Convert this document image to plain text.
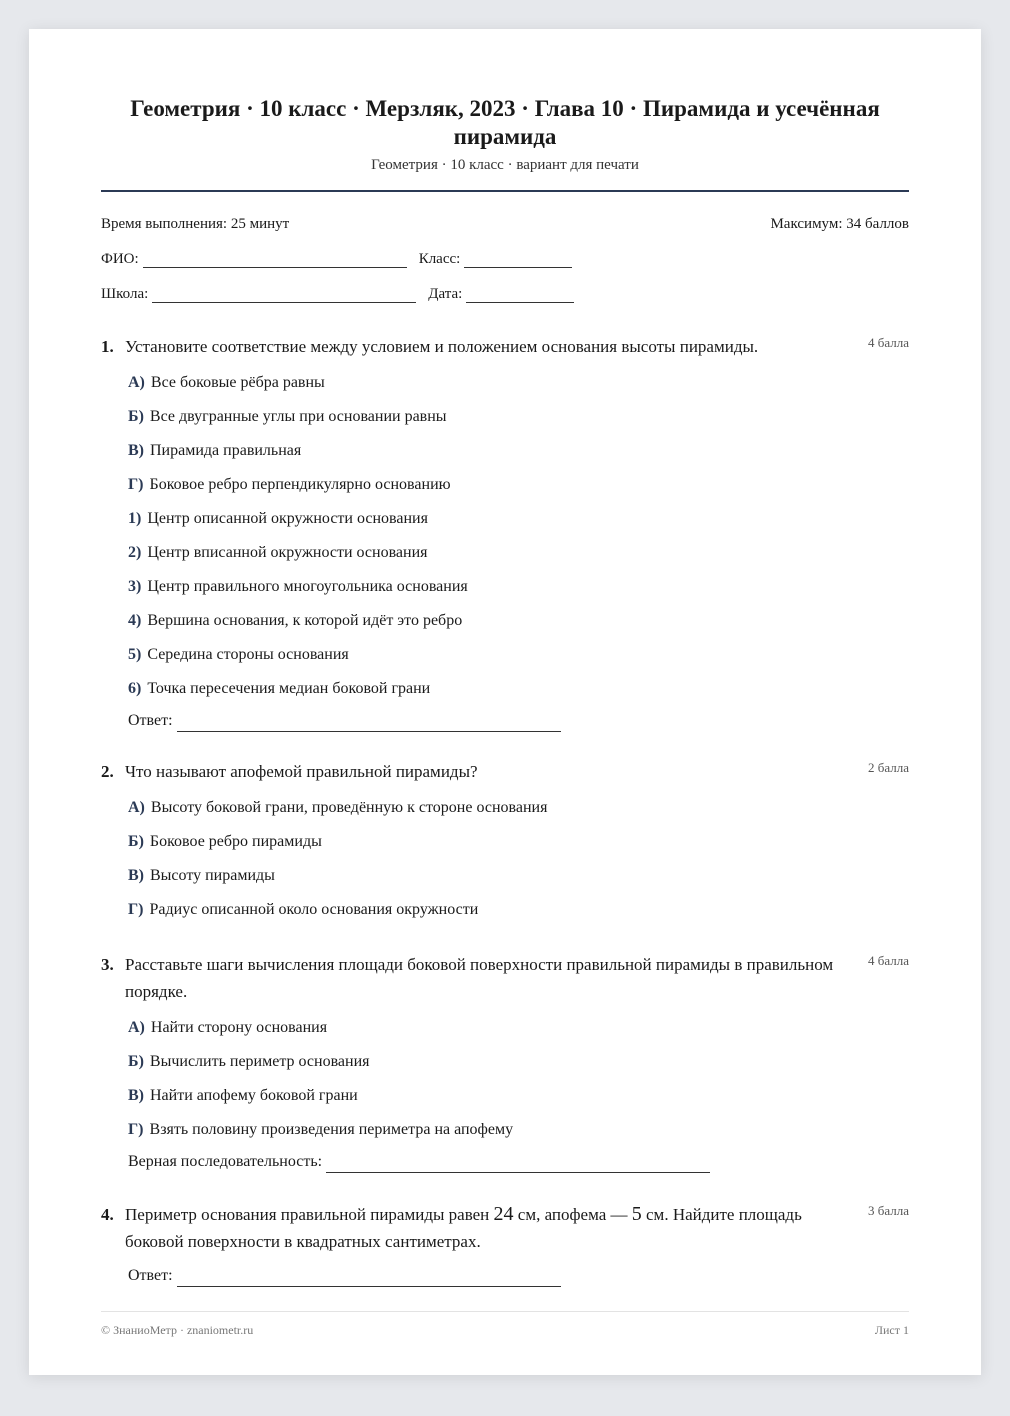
Геометрия · 10 класс · Мерзляк, 2023 · Глава 10 · Пирамида и усечённая пирамида
Геометрия · 10 класс · вариант для печати
Время выполнения: 25 минут	Максимум: 34 баллов
ФИО:	Класс:
Школа:	Дата:
1. Установите соответствие между условием и положением основания высоты пирамиды.	4 балла
А) Все боковые рёбра равны
Б) Все двугранные углы при основании равны
В) Пирамида правильная
Г) Боковое ребро перпендикулярно основанию
1) Центр описанной окружности основания
2) Центр вписанной окружности основания
3) Центр правильного многоугольника основания
4) Вершина основания, к которой идёт это ребро
5) Середина стороны основания
6) Точка пересечения медиан боковой грани
Ответ:
2. Что называют апофемой правильной пирамиды?	2 балла
А) Высоту боковой грани, проведённую к стороне основания
Б) Боковое ребро пирамиды
В) Высоту пирамиды
Г) Радиус описанной около основания окружности
3. Расставьте шаги вычисления площади боковой поверхности правильной пирамиды в правильном порядке.
4 балла
А) Найти сторону основания
Б) Вычислить периметр основания
В) Найти апофему боковой грани
Г) Взять половину произведения периметра на апофему
Верная последовательность:
4. Периметр основания правильной пирамиды равен 24 см, апофема — 5 см. Найдите площадь боковой поверхности в квадратных сантиметрах.
3 балла
Ответ:
© ЗнаниоМетр · znaniometr.ru	Лист 1
